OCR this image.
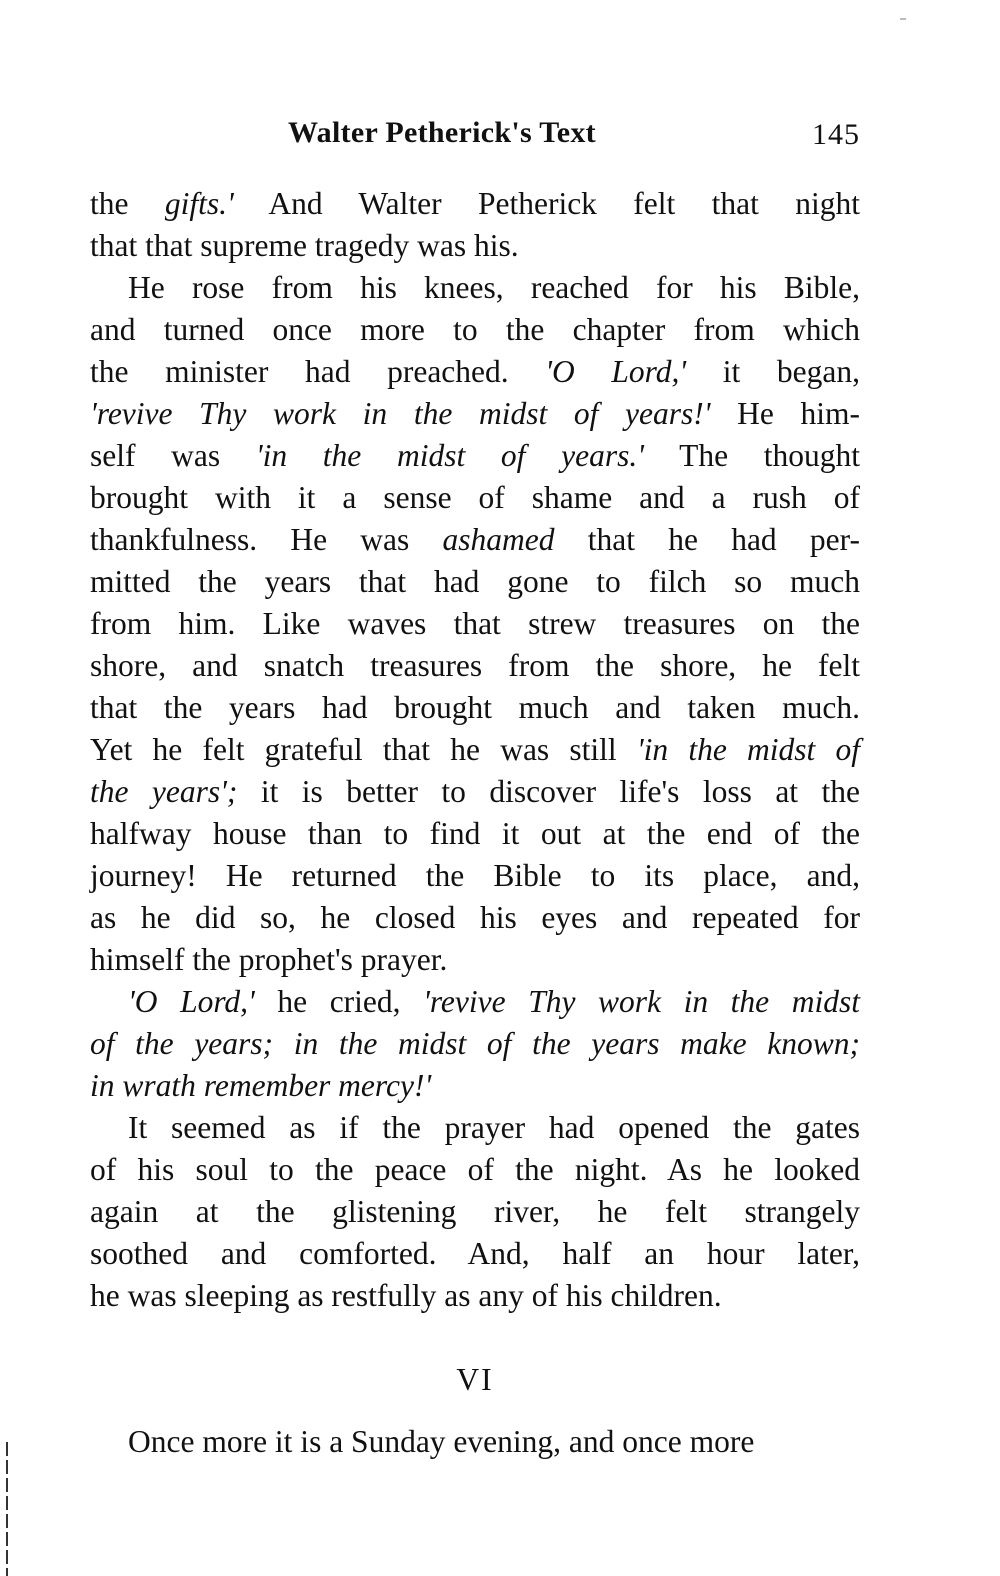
Walter Petherick's Text	145
the gifts.' And Walter Petherick felt that night
that that supreme tragedy was his.
He rose from his knees, reached for his Bible,
and turned once more to the chapter from which
the minister had preached. 'O Lord,' it began,
'revive Thy work in the midst of years!' He him-
self was 'in the midst of years.' The thought
brought with it a sense of shame and a rush of
thankfulness. He was ashamed that he had per-
mitted the years that had gone to filch so much
from him. Like waves that strew treasures on the
shore, and snatch treasures from the shore, he felt
that the years had brought much and taken much.
Yet he felt grateful that he was still 'in the midst of
the years'; it is better to discover life's loss at the
halfway house than to find it out at the end of the
journey! He returned the Bible to its place, and,
as he did so, he closed his eyes and repeated for
himself the prophet's prayer.
'O Lord,' he cried, 'revive Thy work in the midst
of the years; in the midst of the years make known;
in wrath remember mercy!'
It seemed as if the prayer had opened the gates
of his soul to the peace of the night. As he looked
again at the glistening river, he felt strangely
soothed and comforted. And, half an hour later,
he was sleeping as restfully as any of his children.
VI
Once more it is a Sunday evening, and once more
